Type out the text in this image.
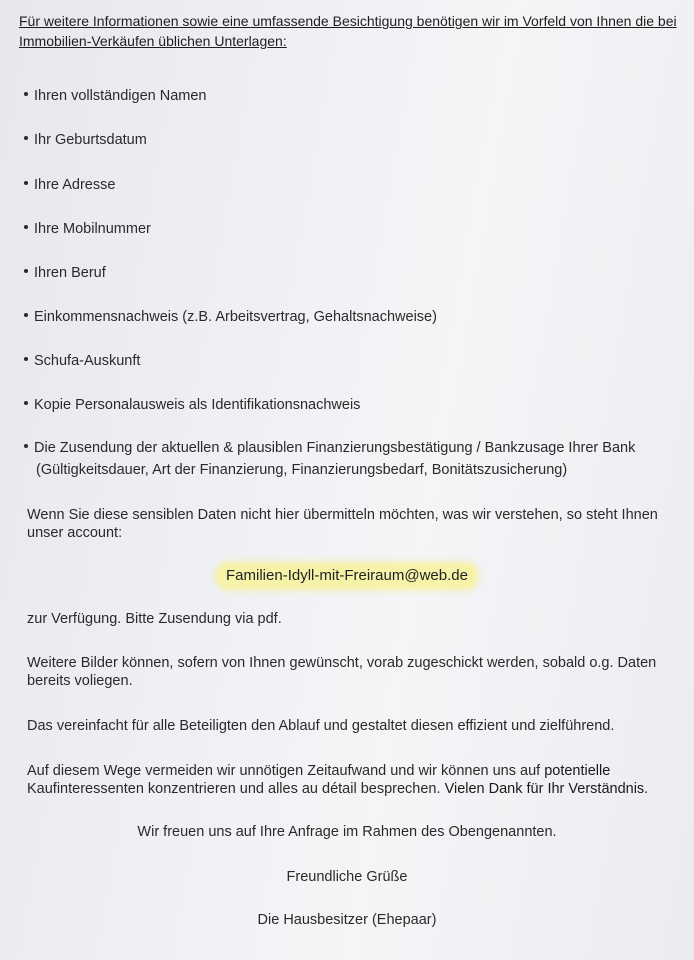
Für weitere Informationen sowie eine umfassende Besichtigung benötigen wir im Vorfeld von Ihnen die bei Immobilien-Verkäufen üblichen Unterlagen:
Ihren vollständigen Namen
Ihr Geburtsdatum
Ihre Adresse
Ihre Mobilnummer
Ihren Beruf
Einkommensnachweis (z.B. Arbeitsvertrag, Gehaltsnachweise)
Schufa-Auskunft
Kopie Personalausweis als Identifikationsnachweis
Die Zusendung der aktuellen & plausiblen Finanzierungsbestätigung / Bankzusage Ihrer Bank
(Gültigkeitsdauer, Art der Finanzierung, Finanzierungsbedarf, Bonitätszusicherung)
Wenn Sie diese sensiblen Daten nicht hier übermitteln möchten, was wir verstehen, so steht Ihnen unser account:
Familien-Idyll-mit-Freiraum@web.de
zur Verfügung. Bitte Zusendung via pdf.
Weitere Bilder können, sofern von Ihnen gewünscht, vorab zugeschickt werden, sobald o.g. Daten bereits voliegen.
Das vereinfacht für alle Beteiligten den Ablauf und gestaltet diesen effizient und zielführend.
Auf diesem Wege vermeiden wir unnötigen Zeitaufwand und wir können uns auf potentielle Kaufinteressenten konzentrieren und alles au détail besprechen. Vielen Dank für Ihr Verständnis.
Wir freuen uns auf Ihre Anfrage im Rahmen des Obengenannten.
Freundliche Grüße
Die Hausbesitzer (Ehepaar)
